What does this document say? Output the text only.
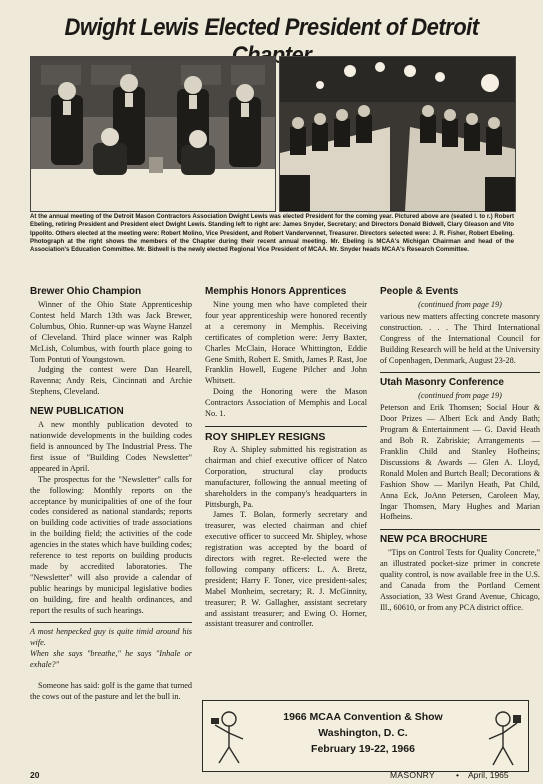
Dwight Lewis Elected President of Detroit
At the annual meeting of the Detroit Mason Contractors Association Dwight Lewis was elected President for the coming year. Pictured above are (seated l. to r.) Robert Ebeling, retiring President and President elect Dwight Lewis. Standing left to right are: James Snyder, Secretary; and Directors Donald Bidwell, Clary Gleason and Vito Ippolito. Others elected at the meeting were: Robert Molino, Vice President, and Robert Vandervennet, Treasurer. Directors selected were: J. R. Fisher, Robert Ebeling. Photograph at the right shows the members of the Chapter during their recent annual meeting. Mr. Ebeling is MCAA's Michigan Chairman and head of the Association's Education Committee. Mr. Bidwell is the newly elected Regional Vice President of MCAA. Mr. Snyder heads MCAA's Research Committee.
Brewer Ohio Champion

Winner of the Ohio State Apprenticeship Contest held March 13th was Jack Brewer, Columbus, Ohio. Runner-up was Wayne Hanzel of Cleveland. Third place winner was Ralph McLish, Columbus, with fourth place going to Tom Pontuti of Youngstown.

Judging the contest were Dan Hearell, Ravenna; Andy Reis, Cincinnati and Archie Stephens, Cleveland.

NEW PUBLICATION

A new monthly publication devoted to nationwide developments in the building codes field is announced by The Industrial Press. The first issue of "Building Codes Newsletter" appeared in April.

The prospectus for the "Newsletter" calls for the following: Monthly reports on the acceptance by municipalities of one of the four codes considered as national standards; reports on building code activities of trade associations in the building field; the activities of the code agencies in the states which have building codes; reference to test reports on building products made by accredited laboratories. The "Newsletter" will also provide a calendar of public hearings by municipal legislative bodies on building, fire and health ordinances, and report the results of such hearings.

A most henpecked guy is quite timid around his wife.

When she says "breathe," he says "Inhale or exhale?"

Someone has said: golf is the game that turned the cows out of the pasture and let the bull in.

Memphis Honors Apprentices

Nine young men who have completed their four year apprenticeship were honored recently at a ceremony in Memphis. Receiving certificates of completion were: Jerry Baxter, Charles McClain, Horace Whittington, Eddie Gene Smith, Robert E. Smith, James P. Rast, Joe Franklin Howell, Eugene Pilcher and John Whitsett.

Doing the Honoring were the Mason Contractors Association of Memphis and Local No. 1.

ROY SHIPLEY RESIGNS

Roy A. Shipley submitted his registration as chairman and chief executive officer of Natco Corporation, structural clay products manufacturer, following the annual meeting of shareholders in the company's headquarters in Pittsburgh, Pa.

James T. Bolan, formerly secretary and treasurer, was elected chairman and chief executive officer to succeed Mr. Shipley, whose registration was accepted by the board of directors with regret. Re-elected were the following company officers: L. A. Bretz, president; Harry F. Toner, vice president-sales; Mabel Monheim, secretary; R. J. McGinnity, treasurer; P. W. Gallagher, assistant secretary and assistant treasurer; and Ewing O. Horner, assistant treasurer and controller.

People & Events
(continued from page 19)

various new matters affecting concrete masonry construction. . . . The Third International Congress of the International Council for Building Research will be held at the University of Copenhagen, Denmark, August 23-28.

Utah Masonry Conference
(continued from page 19)

Peterson and Erik Thomsen; Social Hour & Door Prizes — Albert Eck and Andy Bath; Program & Entertainment — G. David Heath and Bob R. Zabriskie; Arrangements — Franklin Child and Stanley Hofheins; Discussions & Awards — Glen A. Lloyd, Ronald Molen and Burtch Beall; Decorations & Fashion Show — Marilyn Heath, Pat Child, Anna Eck, JoAnn Petersen, Caroleen May, Ingar Thomsen, Mary Hughes and Marian Hofheins.

NEW PCA BROCHURE

"Tips on Control Tests for Quality Concrete," an illustrated pocket-size primer in concrete quality control, is now available free in the U.S. and Canada from the Portland Cement Association, 33 West Grand Avenue, Chicago, Ill., 60610, or from any PCA district office.

1966 MCAA Convention & Show
Washington, D. C.
February 19-22, 1966
20	MASONRY • April, 1965
